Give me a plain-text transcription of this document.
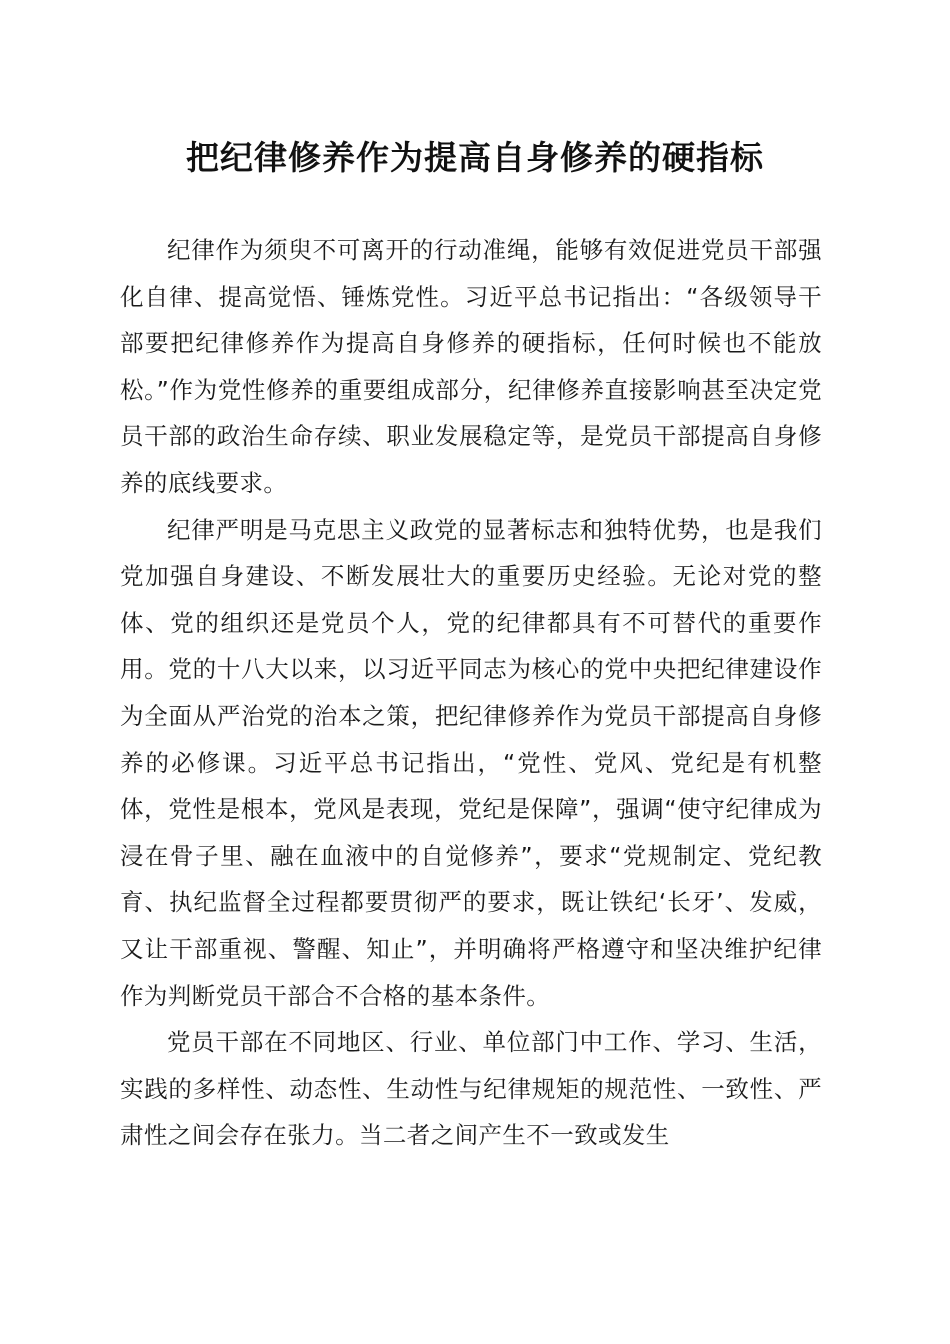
把纪律修养作为提高自身修养的硬指标

纪律作为须臾不可离开的行动准绳，能够有效促进党员干部强化自律、提高觉悟、锤炼党性。习近平总书记指出：“各级领导干部要把纪律修养作为提高自身修养的硬指标，任何时候也不能放松。”作为党性修养的重要组成部分，纪律修养直接影响甚至决定党员干部的政治生命存续、职业发展稳定等，是党员干部提高自身修养的底线要求。

纪律严明是马克思主义政党的显著标志和独特优势，也是我们党加强自身建设、不断发展壮大的重要历史经验。无论对党的整体、党的组织还是党员个人，党的纪律都具有不可替代的重要作用。党的十八大以来，以习近平同志为核心的党中央把纪律建设作为全面从严治党的治本之策，把纪律修养作为党员干部提高自身修养的必修课。习近平总书记指出，“党性、党风、党纪是有机整体，党性是根本，党风是表现，党纪是保障”，强调“使守纪律成为浸在骨子里、融在血液中的自觉修养”，要求“党规制定、党纪教育、执纪监督全过程都要贯彻严的要求，既让铁纪‘长牙’、发威，又让干部重视、警醒、知止”，并明确将严格遵守和坚决维护纪律作为判断党员干部合不合格的基本条件。

党员干部在不同地区、行业、单位部门中工作、学习、生活，实践的多样性、动态性、生动性与纪律规矩的规范性、一致性、严肃性之间会存在张力。当二者之间产生不一致或发生
